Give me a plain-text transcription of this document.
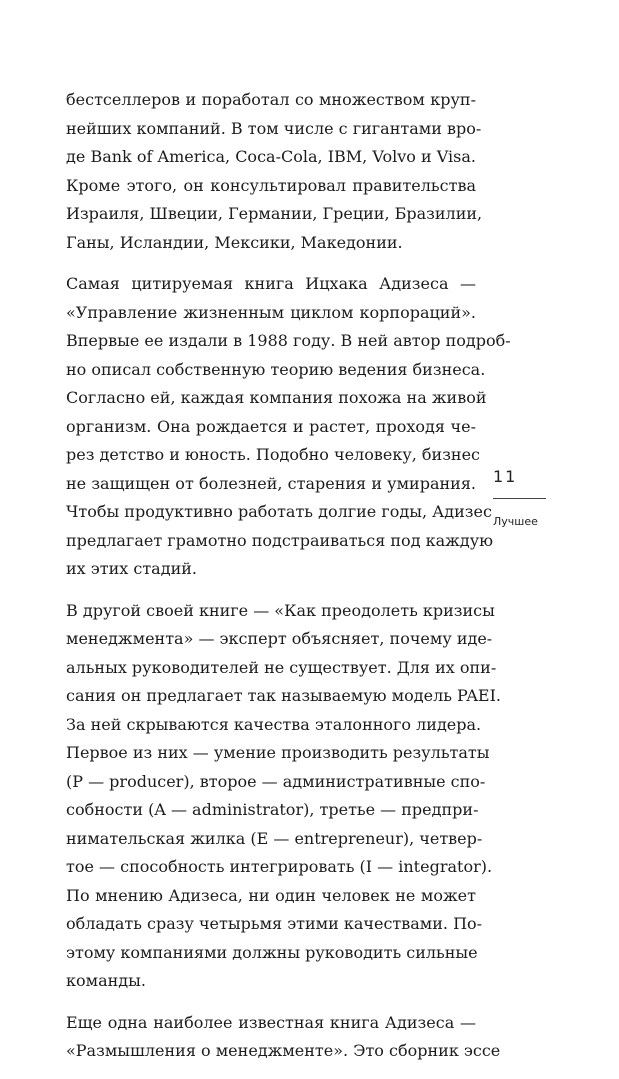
бестселлеров и поработал со множеством круп-
нейших компаний. В том числе с гигантами вро-
де Bank of America, Coca-Cola, IBM, Volvo и Visa.
Кроме этого, он консультировал правительства
Израиля, Швеции, Германии, Греции, Бразилии,
Ганы, Исландии, Мексики, Македонии.

Самая цитируемая книга Ицхака Адизеса —
«Управление жизненным циклом корпораций».
Впервые ее издали в 1988 году. В ней автор подроб-
но описал собственную теорию ведения бизнеса.
Согласно ей, каждая компания похожа на живой
организм. Она рождается и растет, проходя че-
рез детство и юность. Подобно человеку, бизнес
не защищен от болезней, старения и умирания.
Чтобы продуктивно работать долгие годы, Адизес
предлагает грамотно подстраиваться под каждую
их этих стадий.

В другой своей книге — «Как преодолеть кризисы
менеджмента» — эксперт объясняет, почему иде-
альных руководителей не существует. Для их опи-
сания он предлагает так называемую модель PAEI.
За ней скрываются качества эталонного лидера.
Первое из них — умение производить результаты
(P — producer), второе — административные спо-
собности (A — administrator), третье — предпри-
нимательская жилка (E — entrepreneur), четвер-
тое — способность интегрировать (I — integrator).
По мнению Адизеса, ни один человек не может
обладать сразу четырьмя этими качествами. По-
этому компаниями должны руководить сильные
команды.

Еще одна наиболее известная книга Адизеса —
«Размышления о менеджменте». Это сборник эссе

11
Лучшее
